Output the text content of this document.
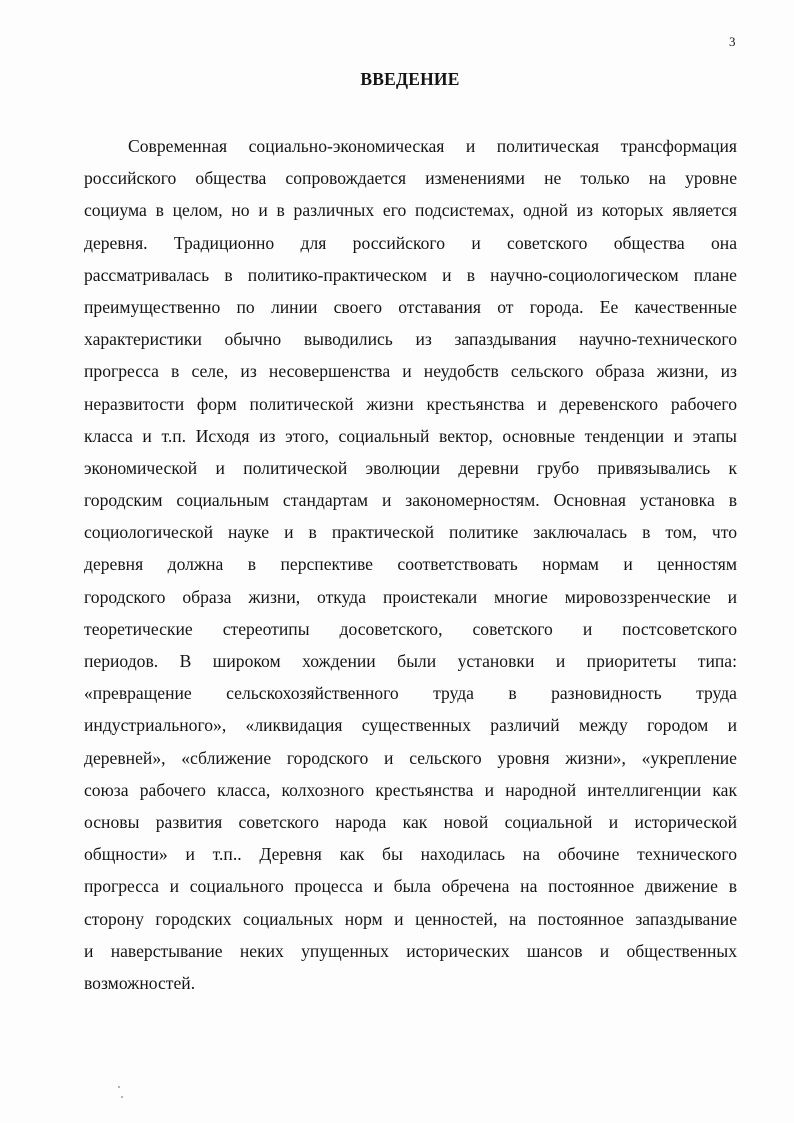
3
ВВЕДЕНИЕ
Современная социально-экономическая и политическая трансформация
российского общества сопровождается изменениями не только на уровне
социума в целом, но и в различных его подсистемах, одной из которых является
деревня. Традиционно для российского и советского общества она
рассматривалась в политико-практическом и в научно-социологическом плане
преимущественно по линии своего отставания от города. Ее качественные
характеристики обычно выводились из запаздывания научно-технического
прогресса в селе, из несовершенства и неудобств сельского образа жизни, из
неразвитости форм политической жизни крестьянства и деревенского рабочего
класса и т.п. Исходя из этого, социальный вектор, основные тенденции и этапы
экономической и политической эволюции деревни грубо привязывались к
городским социальным стандартам и закономерностям. Основная установка в
социологической науке и в практической политике заключалась в том, что
деревня должна в перспективе соответствовать нормам и ценностям
городского образа жизни, откуда проистекали многие мировоззренческие и
теоретические стереотипы досоветского, советского и постсоветского
периодов. В широком хождении были установки и приоритеты типа:
«превращение сельскохозяйственного труда в разновидность труда
индустриального», «ликвидация существенных различий между городом и
деревней», «сближение городского и сельского уровня жизни», «укрепление
союза рабочего класса, колхозного крестьянства и народной интеллигенции как
основы развития советского народа как новой социальной и исторической
общности» и т.п.. Деревня как бы находилась на обочине технического
прогресса и социального процесса и была обречена на постоянное движение в
сторону городских социальных норм и ценностей, на постоянное запаздывание
и наверстывание неких упущенных исторических шансов и общественных
возможностей.
